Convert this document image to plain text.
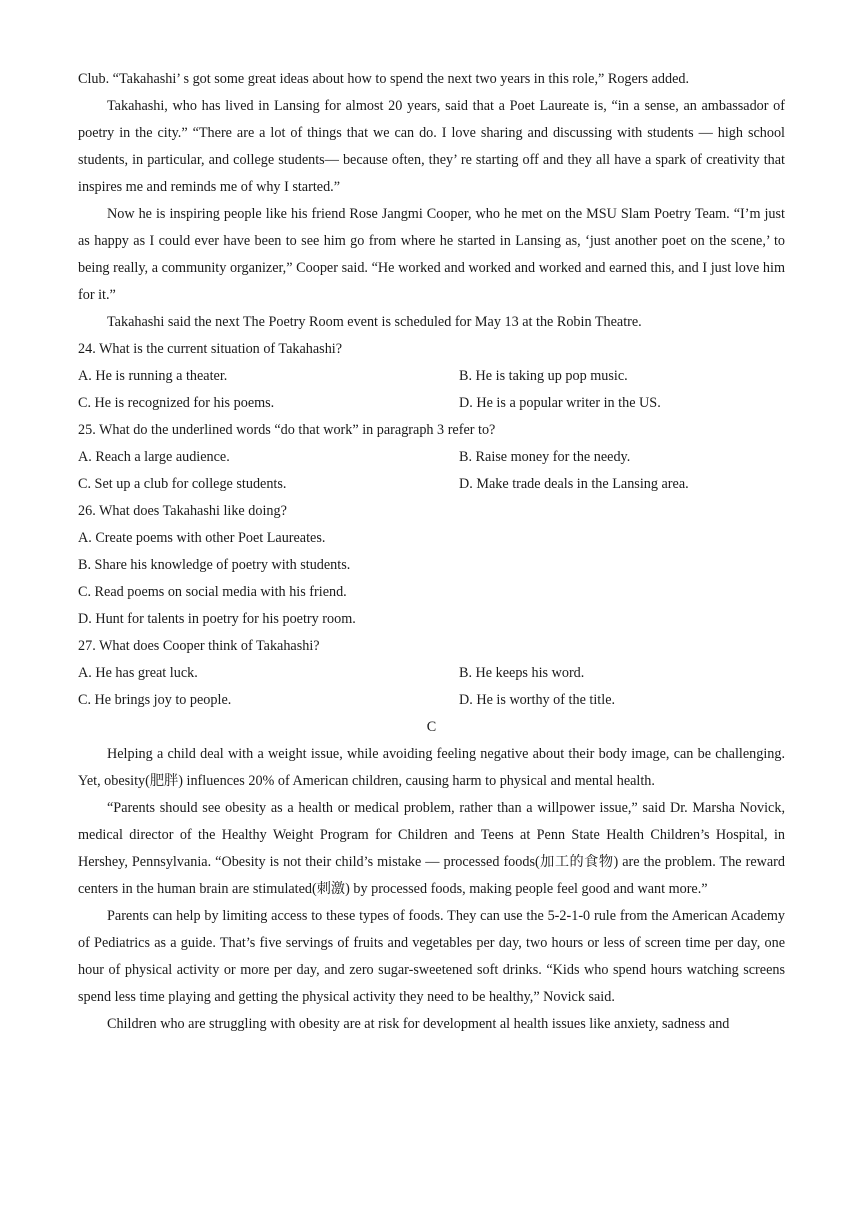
Club. “Takahashi’ s got some great ideas about how to spend the next two years in this role,” Rogers added.

Takahashi, who has lived in Lansing for almost 20 years, said that a Poet Laureate is, “in a sense, an ambassador of poetry in the city.” “There are a lot of things that we can do. I love sharing and discussing with students — high school students, in particular, and college students— because often, they’ re starting off and they all have a spark of creativity that inspires me and reminds me of why I started.”

Now he is inspiring people like his friend Rose Jangmi Cooper, who he met on the MSU Slam Poetry Team. “I’m just as happy as I could ever have been to see him go from where he started in Lansing as, ‘just another poet on the scene,’ to being really, a community organizer,” Cooper said. “He worked and worked and worked and earned this, and I just love him for it.”

Takahashi said the next The Poetry Room event is scheduled for May 13 at the Robin Theatre.

24. What is the current situation of Takahashi?

A. He is running a theater.	B. He is taking up pop music.
C. He is recognized for his poems.	D. He is a popular writer in the US.

25. What do the underlined words “do that work” in paragraph 3 refer to?

A. Reach a large audience.	B. Raise money for the needy.
C. Set up a club for college students.	D. Make trade deals in the Lansing area.

26. What does Takahashi like doing?

A. Create poems with other Poet Laureates.

B. Share his knowledge of poetry with students.

C. Read poems on social media with his friend.

D. Hunt for talents in poetry for his poetry room.

27. What does Cooper think of Takahashi?

A. He has great luck.	B. He keeps his word.
C. He brings joy to people.	D. He is worthy of the title.

C

Helping a child deal with a weight issue, while avoiding feeling negative about their body image, can be challenging. Yet, obesity(肥胖) influences 20% of American children, causing harm to physical and mental health.

“Parents should see obesity as a health or medical problem, rather than a willpower issue,” said Dr. Marsha Novick, medical director of the Healthy Weight Program for Children and Teens at Penn State Health Children’s Hospital, in Hershey, Pennsylvania. “Obesity is not their child’s mistake — processed foods(加工的食物) are the problem. The reward centers in the human brain are stimulated(刺激) by processed foods, making people feel good and want more.”

Parents can help by limiting access to these types of foods. They can use the 5-2-1-0 rule from the American Academy of Pediatrics as a guide. That’s five servings of fruits and vegetables per day, two hours or less of screen time per day, one hour of physical activity or more per day, and zero sugar-sweetened soft drinks. “Kids who spend hours watching screens spend less time playing and getting the physical activity they need to be healthy,” Novick said.

Children who are struggling with obesity are at risk for development al health issues like anxiety, sadness and
